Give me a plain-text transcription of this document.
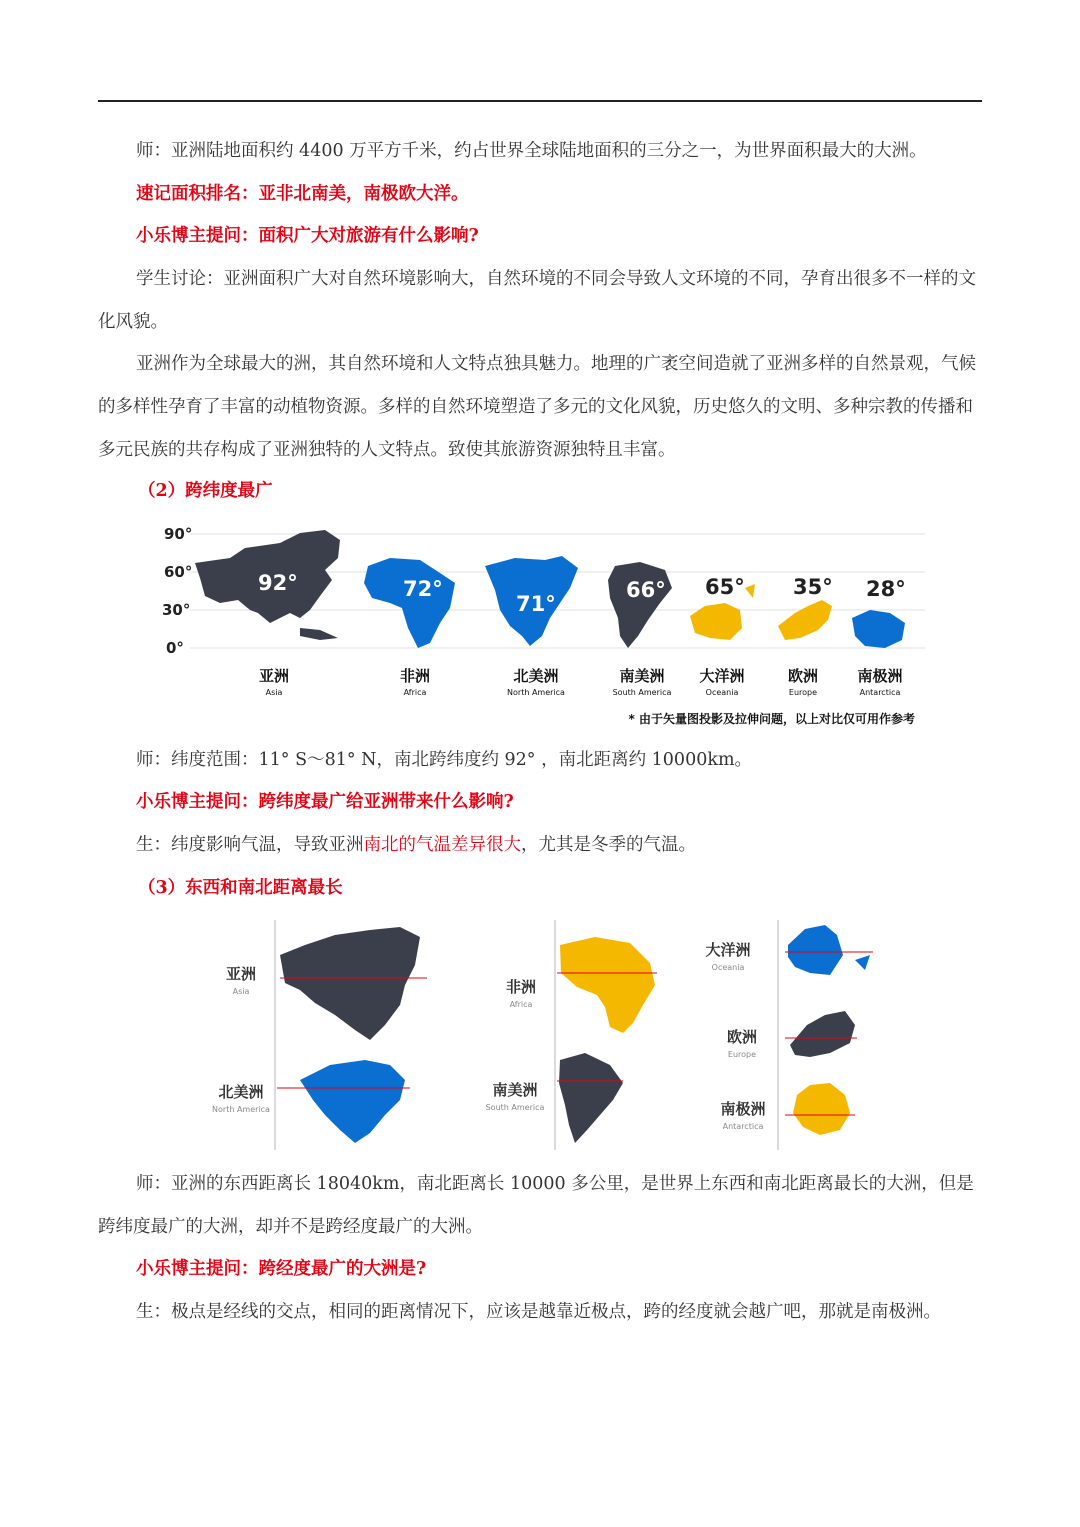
师：亚洲陆地面积约 4400 万平方千米，约占世界全球陆地面积的三分之一，为世界面积最大的大洲。

速记面积排名：亚非北南美，南极欧大洋。

小乐博主提问：面积广大对旅游有什么影响?

学生讨论：亚洲面积广大对自然环境影响大，自然环境的不同会导致人文环境的不同，孕育出很多不一样的文化风貌。

亚洲作为全球最大的洲，其自然环境和人文特点独具魅力。地理的广袤空间造就了亚洲多样的自然景观，气候的多样性孕育了丰富的动植物资源。多样的自然环境塑造了多元的文化风貌，历史悠久的文明、多种宗教的传播和多元民族的共存构成了亚洲独特的人文特点。致使其旅游资源独特且丰富。

（2）跨纬度最广

90°
60°
30°
0°
92°	72°
71°
66° 65° 35° 28°
亚洲
Asia
非洲
Africa
北美洲
North America
南美洲
South America
大洋洲
Oceania
欧洲
Europe
南极洲
Antarctica
* 由于矢量图投影及拉伸问题，以上对比仅可用作参考

师：纬度范围：11° S～81° N，南北跨纬度约 92° ，南北距离约 10000km。

小乐博主提问：跨纬度最广给亚洲带来什么影响?

生：纬度影响气温，导致亚洲南北的气温差异很大，尤其是冬季的气温。

（3）东西和南北距离最长

亚洲
Asia
北美洲
North America
非洲
Africa
南美洲
South America
大洋洲
Oceania
欧洲
Europe
南极洲
Antarctica

师：亚洲的东西距离长 18040km，南北距离长 10000 多公里，是世界上东西和南北距离最长的大洲，但是跨纬度最广的大洲，却并不是跨经度最广的大洲。

小乐博主提问：跨经度最广的大洲是?

生：极点是经线的交点，相同的距离情况下，应该是越靠近极点，跨的经度就会越广吧，那就是南极洲。
